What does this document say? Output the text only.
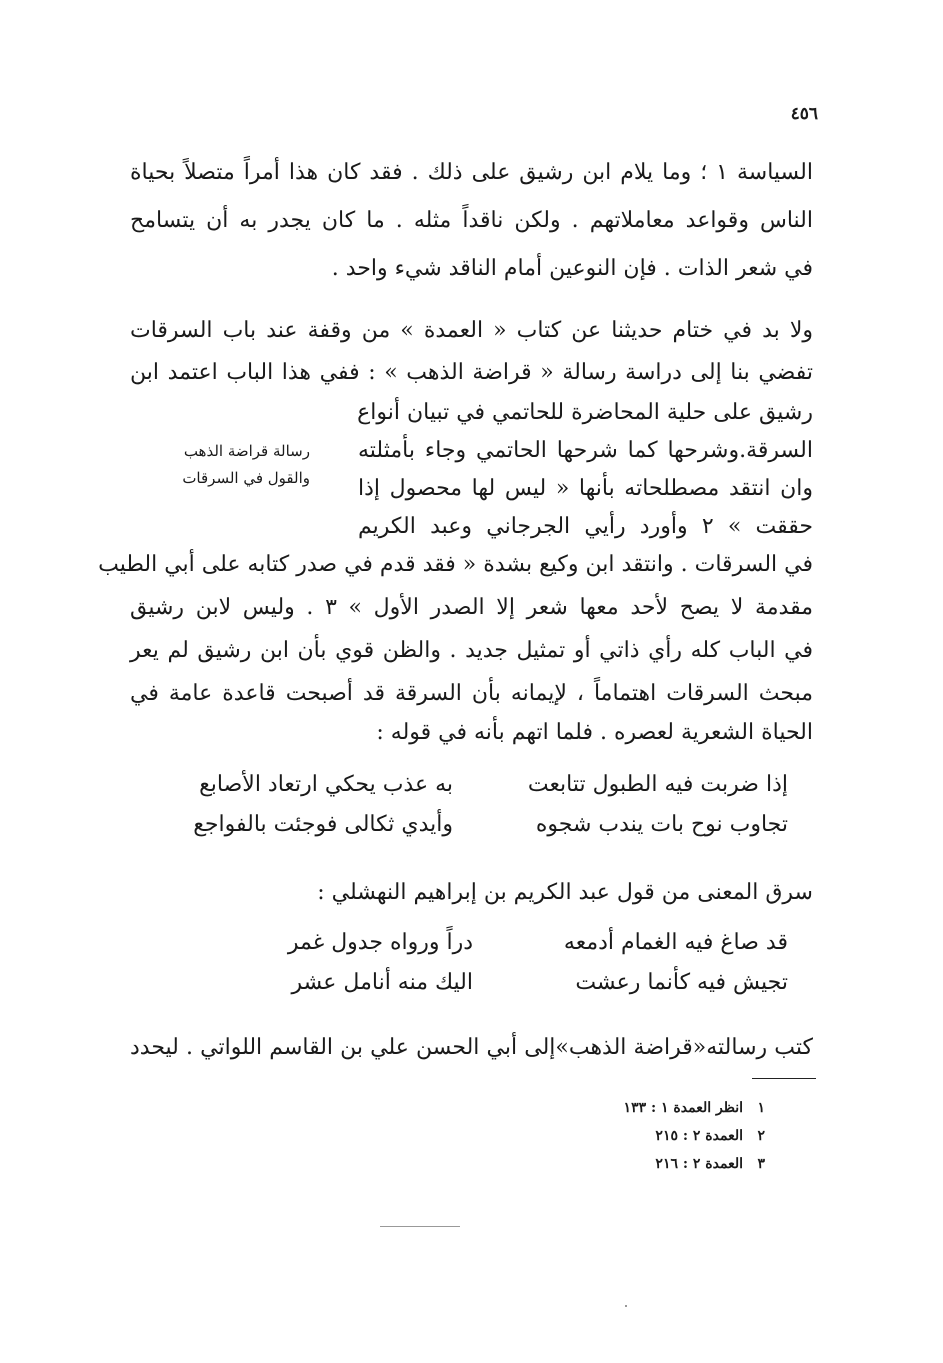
٤٥٦
السياسة ١ ؛ وما يلام ابن رشيق على ذلك . فقد كان هذا أمراً متصلاً بحياة
الناس وقواعد معاملاتهم . ولكن ناقداً مثله . ما كان يجدر به أن يتسامح
في شعر الذات . فإن النوعين أمام الناقد شيء واحد .
ولا بد في ختام حديثنا عن كتاب « العمدة » من وقفة عند باب السرقات
تفضي بنا إلى دراسة رسالة « قراضة الذهب » : ففي هذا الباب اعتمد ابن
رشيق على حلية المحاضرة للحاتمي في تبيان أنواع
السرقة.وشرحها كما شرحها الحاتمي وجاء بأمثلته
وان انتقد مصطلحاته بأنها « ليس لها محصول إذا
حققت » ٢ وأورد رأيي الجرجاني وعبد الكريم
رسالة قراضة الذهب
والقول في السرقات
في السرقات . وانتقد ابن وكيع بشدة « فقد قدم في صدر كتابه على أبي الطيب
مقدمة لا يصح لأحد معها شعر إلا الصدر الأول » ٣ . وليس لابن رشيق
في الباب كله رأي ذاتي أو تمثيل جديد . والظن قوي بأن ابن رشيق لم يعر
مبحث السرقات اهتماماً ، لإيمانه بأن السرقة قد أصبحت قاعدة عامة في
الحياة الشعرية لعصره . فلما اتهم بأنه في قوله :
إذا ضربت فيه الطبول تتابعت
به عذب يحكي ارتعاد الأصابع
تجاوب نوح بات يندب شجوه
وأيدي ثكالى فوجئت بالفواجع
سرق المعنى من قول عبد الكريم بن إبراهيم النهشلي :
قد صاغ فيه الغمام أدمعه
دراً ورواه جدول غمر
تجيش فيه كأنما رعشت
اليك منه أنامل عشر
كتب رسالته«قراضة الذهب»إلى أبي الحسن علي بن القاسم اللواتي . ليحدد
١انظر العمدة ١ : ١٣٣
٢العمدة ٢ : ٢١٥
٣العمدة ٢ : ٢١٦
